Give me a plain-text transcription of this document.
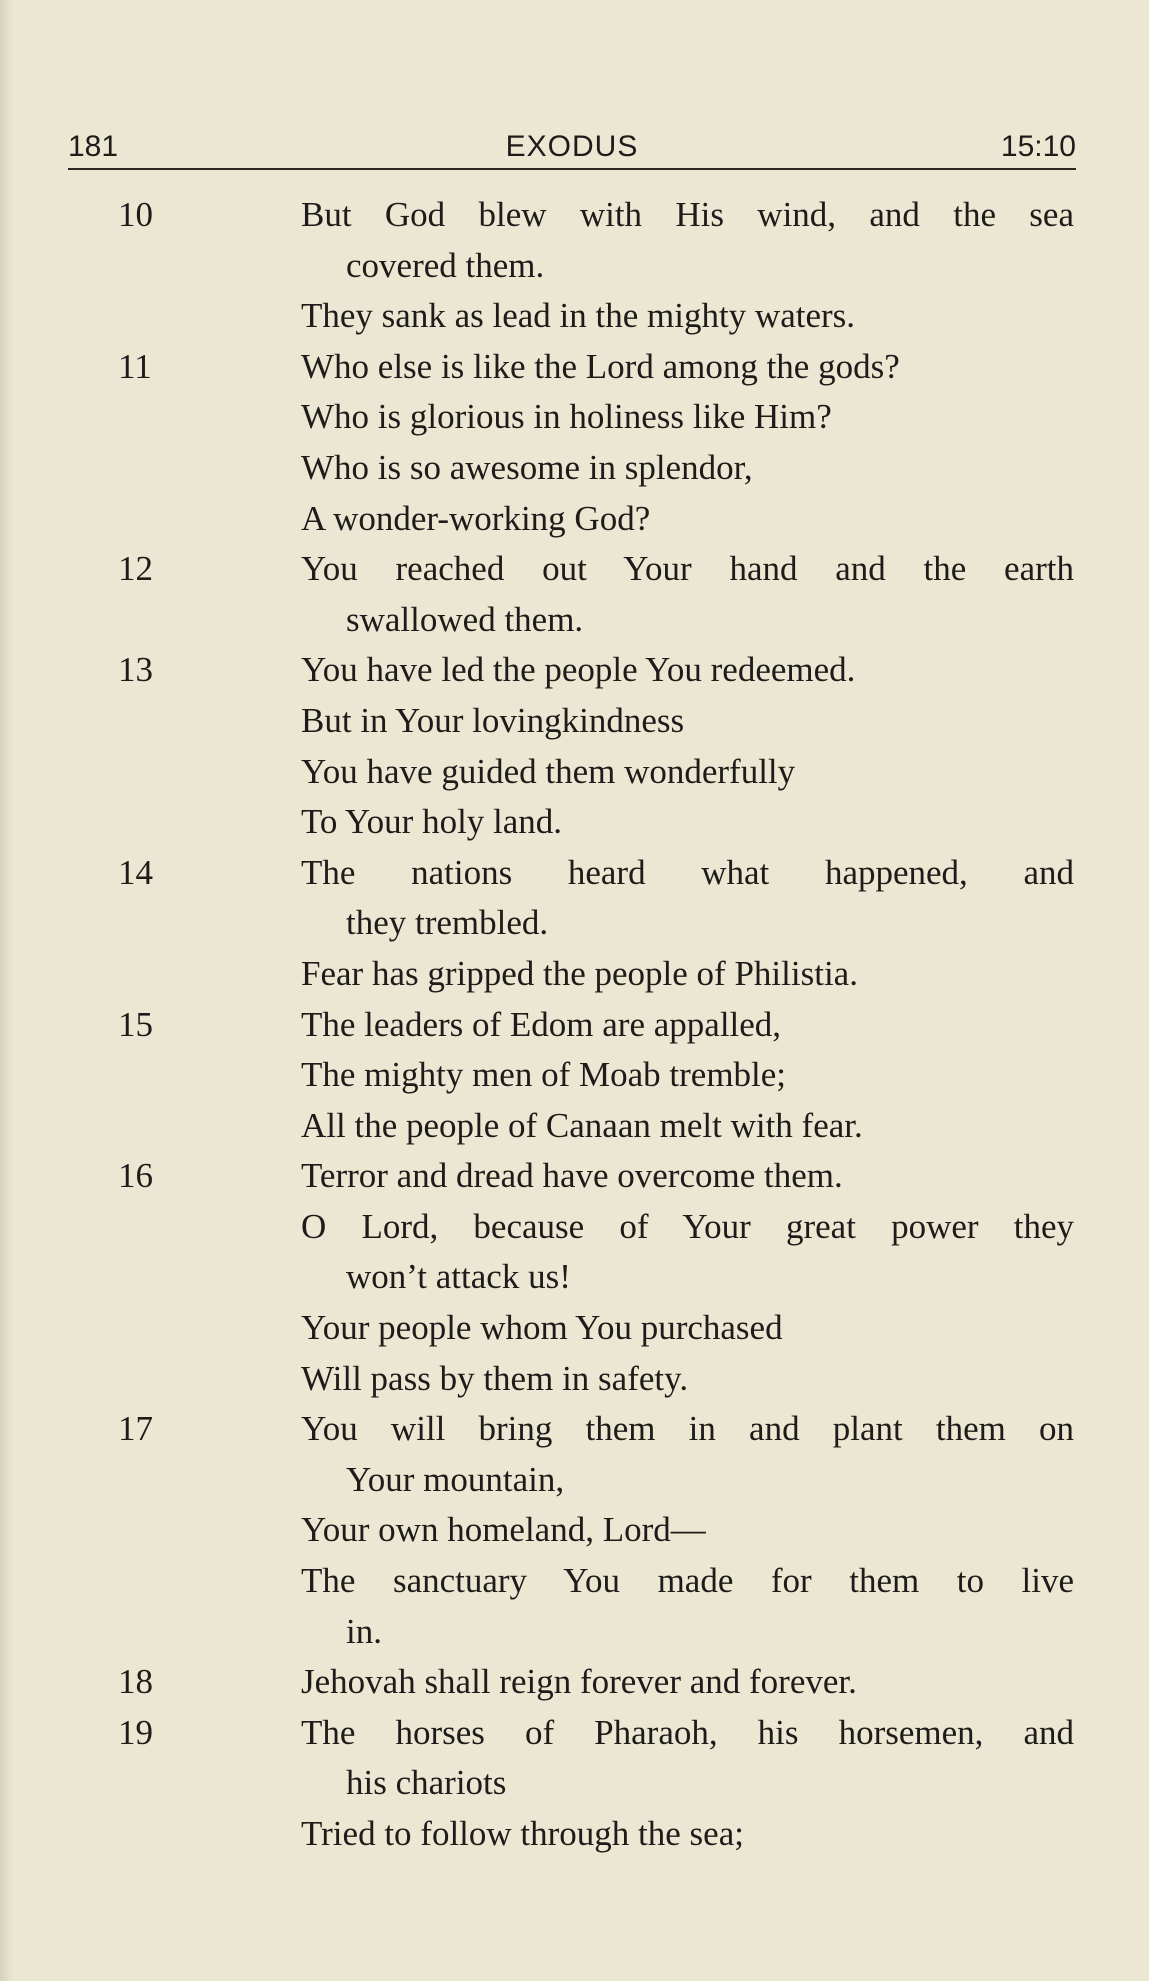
EXODUS
181	15:10
10	But God blew with His wind, and the sea
covered them.
They sank as lead in the mighty waters.
11	Who else is like the Lord among the gods?
Who is glorious in holiness like Him?
Who is so awesome in splendor,
A wonder-working God?
12	You reached out Your hand and the earth
swallowed them.
13	You have led the people You redeemed.
But in Your lovingkindness
You have guided them wonderfully
To Your holy land.
14	The nations heard what happened, and
they trembled.
Fear has gripped the people of Philistia.
15	The leaders of Edom are appalled,
The mighty men of Moab tremble;
All the people of Canaan melt with fear.
16	Terror and dread have overcome them.
O Lord, because of Your great power they
won’t attack us!
Your people whom You purchased
Will pass by them in safety.
17	You will bring them in and plant them on
Your mountain,
Your own homeland, Lord—
The sanctuary You made for them to live
in.
18	Jehovah shall reign forever and forever.
19	The horses of Pharaoh, his horsemen, and
his chariots
Tried to follow through the sea;
